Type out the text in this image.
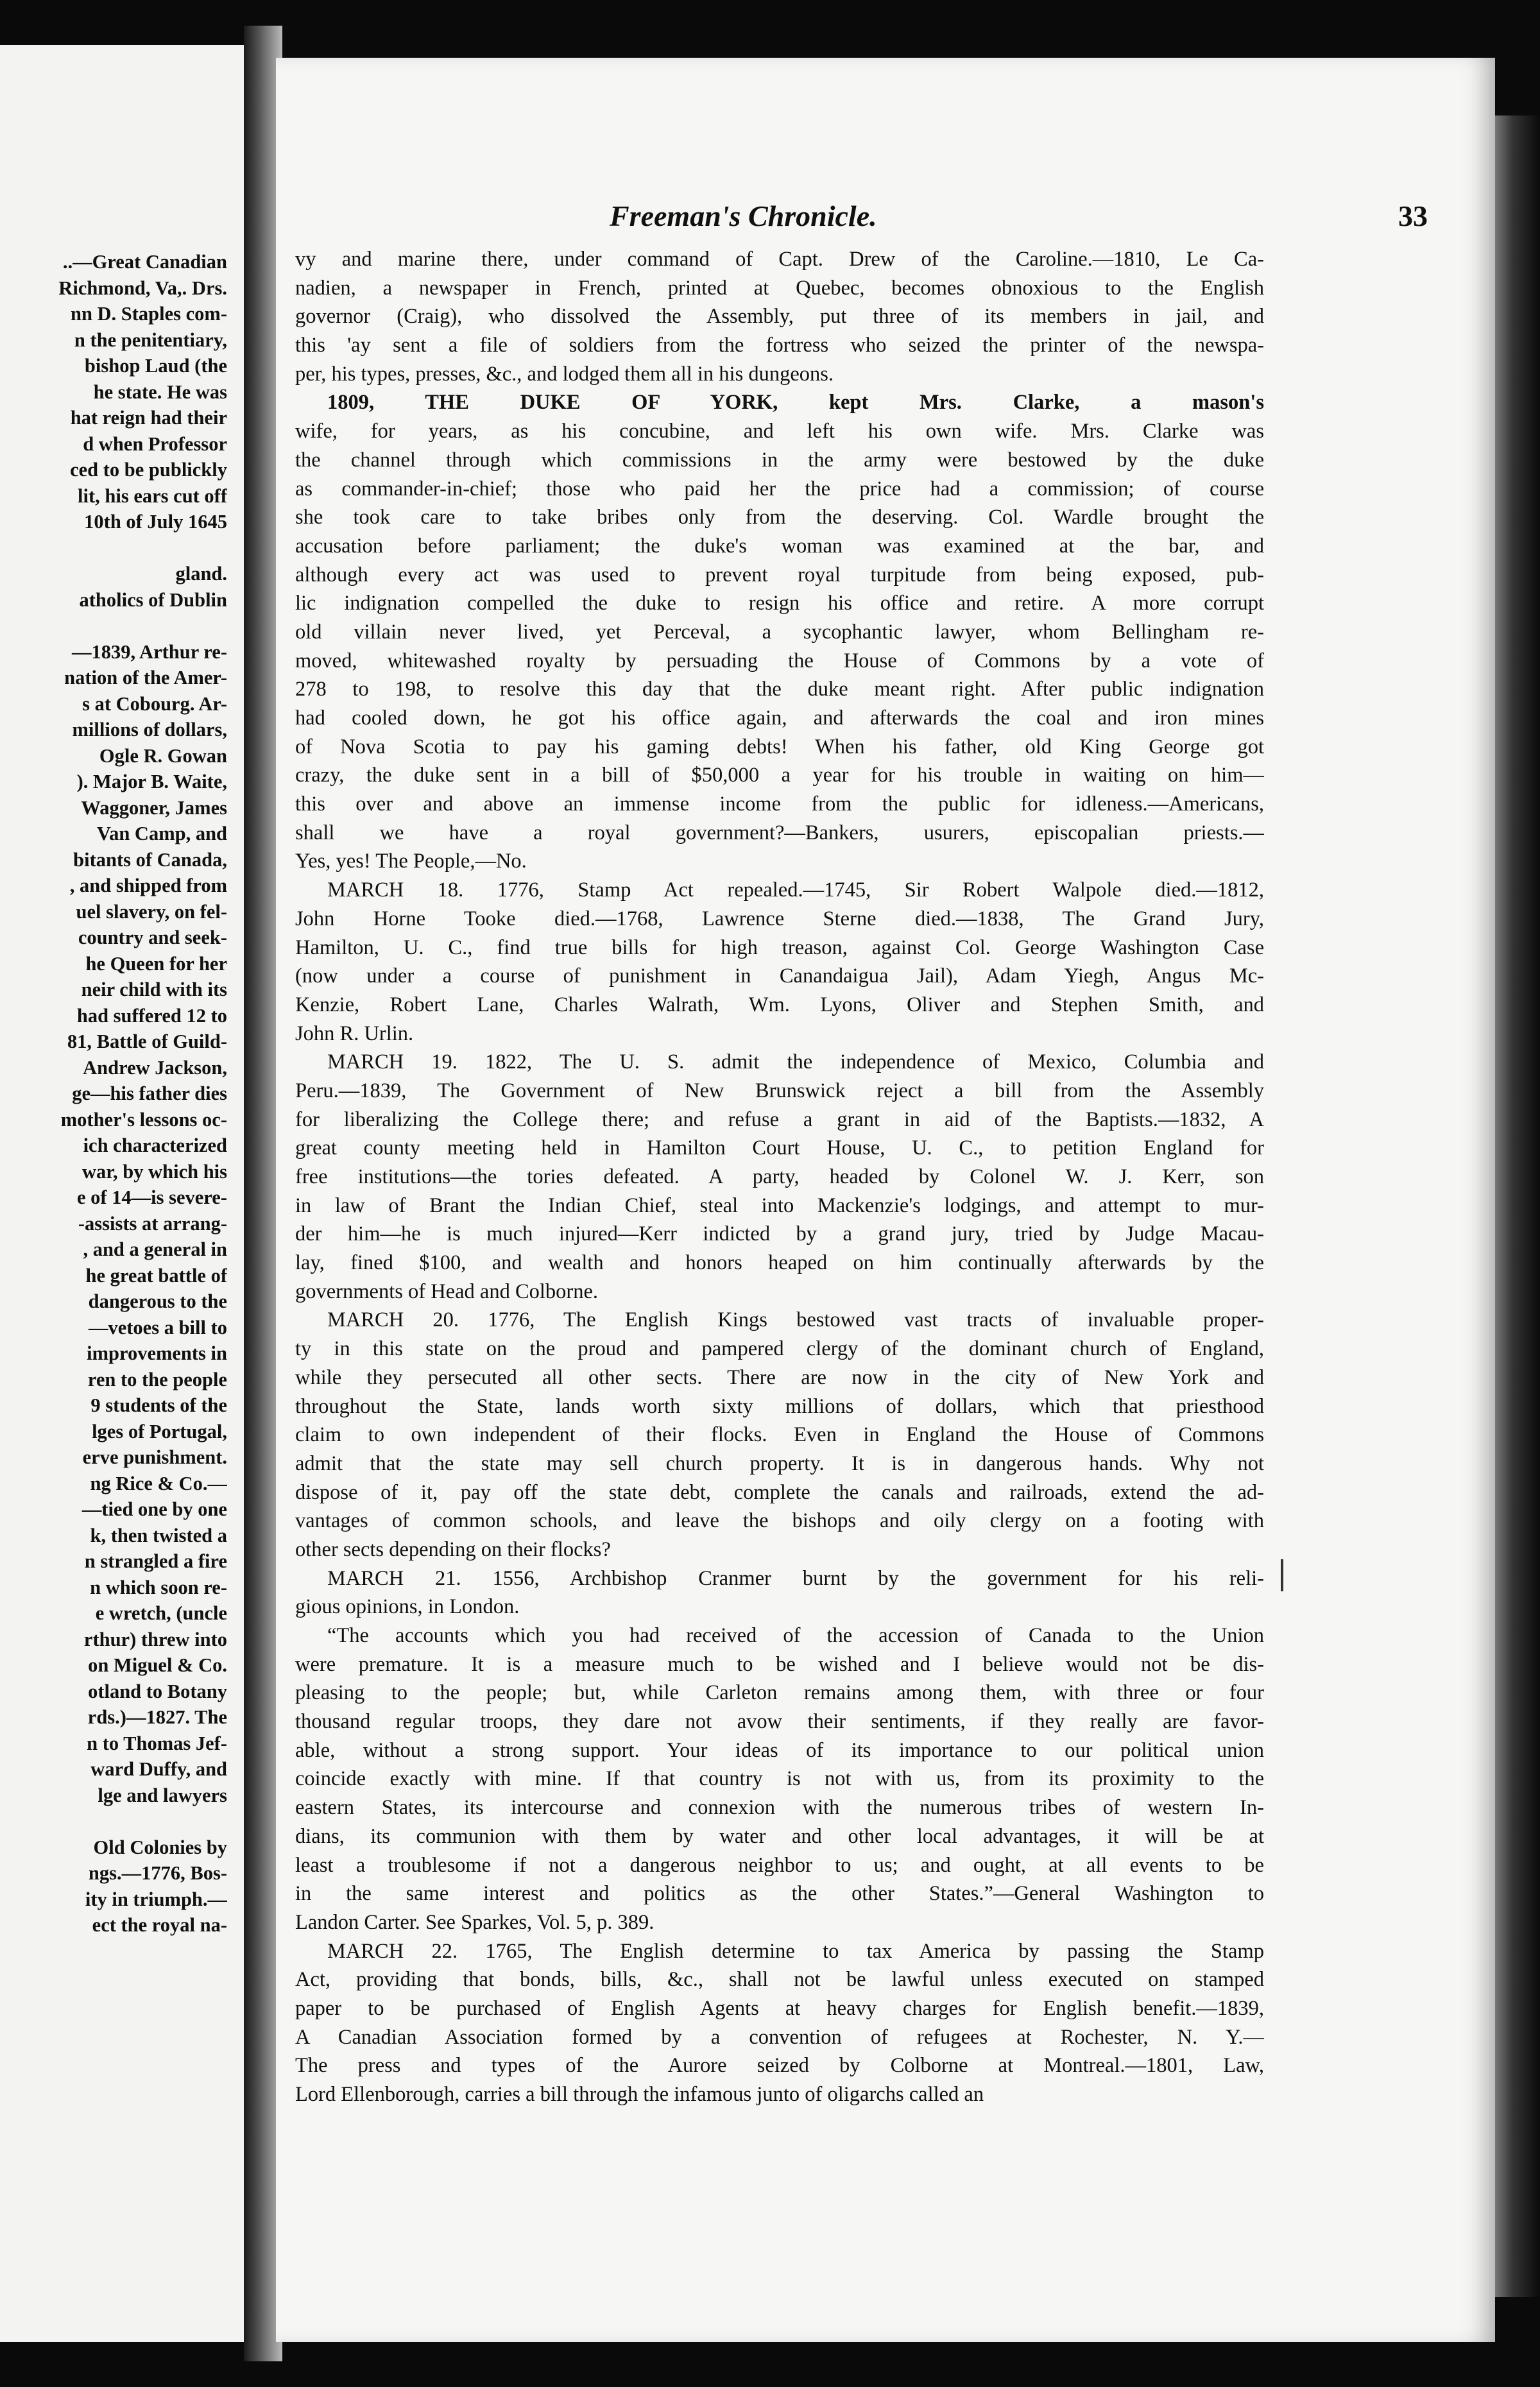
..—Great Canadian
Richmond, Va,. Drs.
nn D. Staples com-
n the penitentiary,
bishop Laud (the
he state. He was
hat reign had their
d when Professor
ced to be publickly
lit, his ears cut off
10th of July 1645
gland.
atholics of Dublin
—1839, Arthur re-
nation of the Amer-
s at Cobourg. Ar-
millions of dollars,
Ogle R. Gowan
). Major B. Waite,
Waggoner, James
Van Camp, and
bitants of Canada,
, and shipped from
uel slavery, on fel-
country and seek-
he Queen for her
neir child with its
had suffered 12 to
81, Battle of Guild-
Andrew Jackson,
ge—his father dies
mother's lessons oc-
ich characterized
war, by which his
e of 14—is severe-
-assists at arrang-
, and a general in
he great battle of
dangerous to the
—vetoes a bill to
improvements in
ren to the people
9 students of the
lges of Portugal,
erve punishment.
ng Rice & Co.—
—tied one by one
k, then twisted a
n strangled a fire
n which soon re-
e wretch, (uncle
rthur) threw into
on Miguel & Co.
otland to Botany
rds.)—1827. The
n to Thomas Jef-
ward Duffy, and
lge and lawyers
Old Colonies by
ngs.—1776, Bos-
ity in triumph.—
ect the royal na-
Freeman's Chronicle.	33
vy and marine there, under command of Capt. Drew of the Caroline.—1810, Le Ca-
nadien, a newspaper in French, printed at Quebec, becomes obnoxious to the English
governor (Craig), who dissolved the Assembly, put three of its members in jail, and
this 'ay sent a file of soldiers from the fortress who seized the printer of the newspa-
per, his types, presses, &c., and lodged them all in his dungeons.
1809, THE DUKE OF YORK, kept Mrs. Clarke, a mason's
wife, for years, as his concubine, and left his own wife. Mrs. Clarke was
the channel through which commissions in the army were bestowed by the duke
as commander-in-chief; those who paid her the price had a commission; of course
she took care to take bribes only from the deserving. Col. Wardle brought the
accusation before parliament; the duke's woman was examined at the bar, and
although every act was used to prevent royal turpitude from being exposed, pub-
lic indignation compelled the duke to resign his office and retire. A more corrupt
old villain never lived, yet Perceval, a sycophantic lawyer, whom Bellingham re-
moved, whitewashed royalty by persuading the House of Commons by a vote of
278 to 198, to resolve this day that the duke meant right. After public indignation
had cooled down, he got his office again, and afterwards the coal and iron mines
of Nova Scotia to pay his gaming debts! When his father, old King George got
crazy, the duke sent in a bill of $50,000 a year for his trouble in waiting on him—
this over and above an immense income from the public for idleness.—Americans,
shall we have a royal government?—Bankers, usurers, episcopalian priests.—
Yes, yes! The People,—No.
MARCH 18. 1776, Stamp Act repealed.—1745, Sir Robert Walpole died.—1812,
John Horne Tooke died.—1768, Lawrence Sterne died.—1838, The Grand Jury,
Hamilton, U. C., find true bills for high treason, against Col. George Washington Case
(now under a course of punishment in Canandaigua Jail), Adam Yiegh, Angus Mc-
Kenzie, Robert Lane, Charles Walrath, Wm. Lyons, Oliver and Stephen Smith, and
John R. Urlin.
MARCH 19. 1822, The U. S. admit the independence of Mexico, Columbia and
Peru.—1839, The Government of New Brunswick reject a bill from the Assembly
for liberalizing the College there; and refuse a grant in aid of the Baptists.—1832, A
great county meeting held in Hamilton Court House, U. C., to petition England for
free institutions—the tories defeated. A party, headed by Colonel W. J. Kerr, son
in law of Brant the Indian Chief, steal into Mackenzie's lodgings, and attempt to mur-
der him—he is much injured—Kerr indicted by a grand jury, tried by Judge Macau-
lay, fined $100, and wealth and honors heaped on him continually afterwards by the
governments of Head and Colborne.
MARCH 20. 1776, The English Kings bestowed vast tracts of invaluable proper-
ty in this state on the proud and pampered clergy of the dominant church of England,
while they persecuted all other sects. There are now in the city of New York and
throughout the State, lands worth sixty millions of dollars, which that priesthood
claim to own independent of their flocks. Even in England the House of Commons
admit that the state may sell church property. It is in dangerous hands. Why not
dispose of it, pay off the state debt, complete the canals and railroads, extend the ad-
vantages of common schools, and leave the bishops and oily clergy on a footing with
other sects depending on their flocks?
MARCH 21. 1556, Archbishop Cranmer burnt by the government for his reli-
gious opinions, in London.
“The accounts which you had received of the accession of Canada to the Union
were premature. It is a measure much to be wished and I believe would not be dis-
pleasing to the people; but, while Carleton remains among them, with three or four
thousand regular troops, they dare not avow their sentiments, if they really are favor-
able, without a strong support. Your ideas of its importance to our political union
coincide exactly with mine. If that country is not with us, from its proximity to the
eastern States, its intercourse and connexion with the numerous tribes of western In-
dians, its communion with them by water and other local advantages, it will be at
least a troublesome if not a dangerous neighbor to us; and ought, at all events to be
in the same interest and politics as the other States.”—General Washington to
Landon Carter. See Sparkes, Vol. 5, p. 389.
MARCH 22. 1765, The English determine to tax America by passing the Stamp
Act, providing that bonds, bills, &c., shall not be lawful unless executed on stamped
paper to be purchased of English Agents at heavy charges for English benefit.—1839,
A Canadian Association formed by a convention of refugees at Rochester, N. Y.—
The press and types of the Aurore seized by Colborne at Montreal.—1801, Law,
Lord Ellenborough, carries a bill through the infamous junto of oligarchs called an
